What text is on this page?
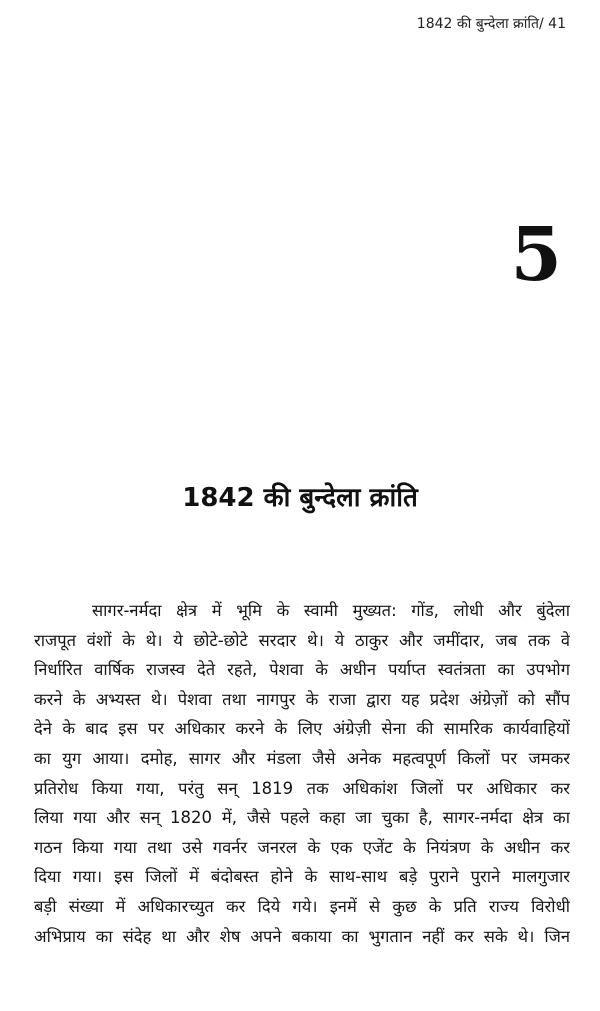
1842 की बुन्देला क्रांति/ 41
5
1842 की बुन्देला क्रांति
सागर-नर्मदा क्षेत्र में भूमि के स्वामी मुख्यत: गोंड, लोधी और बुंदेला
राजपूत वंशों के थे। ये छोटे-छोटे सरदार थे। ये ठाकुर और जमींदार, जब तक वे
निर्धारित वार्षिक राजस्व देते रहते, पेशवा के अधीन पर्याप्त स्वतंत्रता का उपभोग
करने के अभ्यस्त थे। पेशवा तथा नागपुर के राजा द्वारा यह प्रदेश अंग्रेज़ों को सौंप
देने के बाद इस पर अधिकार करने के लिए अंग्रेज़ी सेना की सामरिक कार्यवाहियों
का युग आया। दमोह, सागर और मंडला जैसे अनेक महत्वपूर्ण किलों पर जमकर
प्रतिरोध किया गया, परंतु सन् 1819 तक अधिकांश जिलों पर अधिकार कर
लिया गया और सन् 1820 में, जैसे पहले कहा जा चुका है, सागर-नर्मदा क्षेत्र का
गठन किया गया तथा उसे गवर्नर जनरल के एक एजेंट के नियंत्रण के अधीन कर
दिया गया। इस जिलों में बंदोबस्त होने के साथ-साथ बड़े पुराने पुराने मालगुजार
बड़ी संख्या में अधिकारच्युत कर दिये गये। इनमें से कुछ के प्रति राज्य विरोधी
अभिप्राय का संदेह था और शेष अपने बकाया का भुगतान नहीं कर सके थे। जिन
